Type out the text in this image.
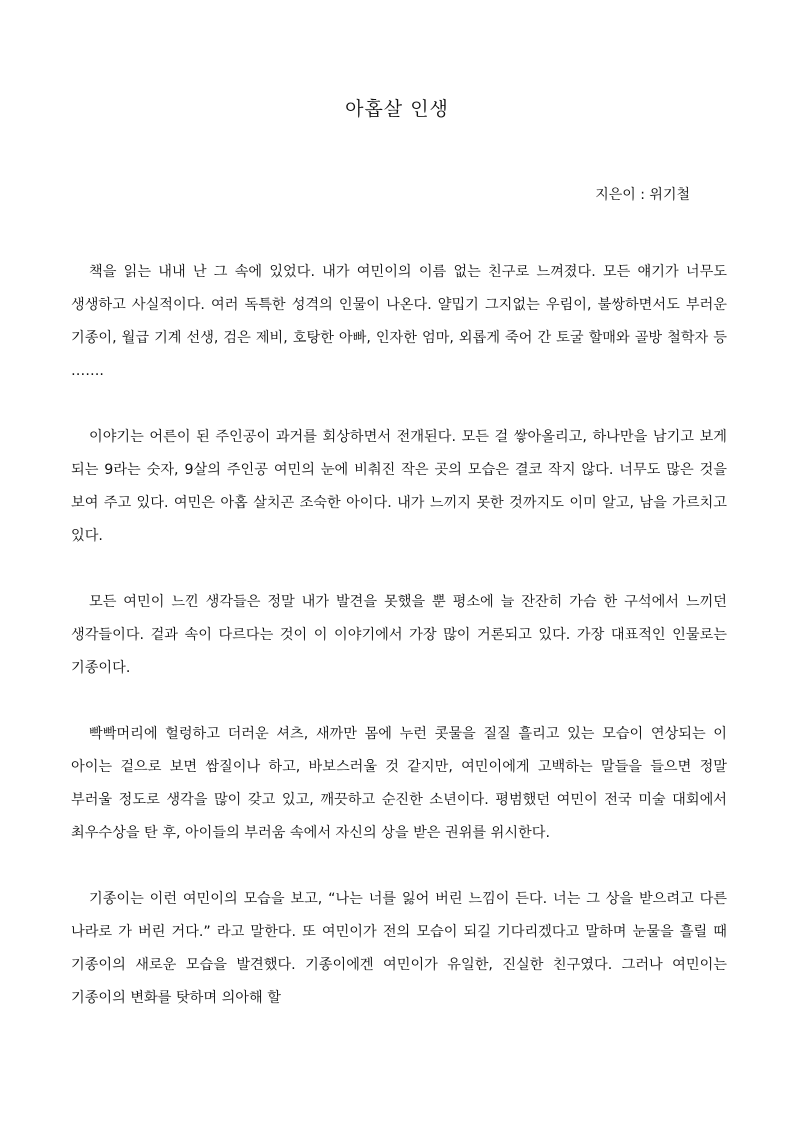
아홉살 인생
지은이 : 위기철

책을 읽는 내내 난 그 속에 있었다. 내가 여민이의 이름 없는 친구로 느껴졌다. 모든 얘기가 너무도 생생하고 사실적이다. 여러 독특한 성격의 인물이 나온다. 얄밉기 그지없는 우림이, 불쌍하면서도 부러운 기종이, 월급 기계 선생, 검은 제비, 호탕한 아빠, 인자한 엄마, 외롭게 죽어 간 토굴 할매와 골방 철학자 등 …….

이야기는 어른이 된 주인공이 과거를 회상하면서 전개된다. 모든 걸 쌓아올리고, 하나만을 남기고 보게 되는 9라는 숫자, 9살의 주인공 여민의 눈에 비춰진 작은 곳의 모습은 결코 작지 않다. 너무도 많은 것을 보여 주고 있다. 여민은 아홉 살치곤 조숙한 아이다. 내가 느끼지 못한 것까지도 이미 알고, 남을 가르치고 있다.

모든 여민이 느낀 생각들은 정말 내가 발견을 못했을 뿐 평소에 늘 잔잔히 가슴 한 구석에서 느끼던 생각들이다. 겉과 속이 다르다는 것이 이 이야기에서 가장 많이 거론되고 있다. 가장 대표적인 인물로는 기종이다.

빡빡머리에 헐렁하고 더러운 셔츠, 새까만 몸에 누런 콧물을 질질 흘리고 있는 모습이 연상되는 이 아이는 겉으로 보면 쌈질이나 하고, 바보스러울 것 같지만, 여민이에게 고백하는 말들을 들으면 정말 부러울 정도로 생각을 많이 갖고 있고, 깨끗하고 순진한 소년이다. 평범했던 여민이 전국 미술 대회에서 최우수상을 탄 후, 아이들의 부러움 속에서 자신의 상을 받은 권위를 위시한다.

기종이는 이런 여민이의 모습을 보고, “나는 너를 잃어 버린 느낌이 든다. 너는 그 상을 받으려고 다른 나라로 가 버린 거다.” 라고 말한다. 또 여민이가 전의 모습이 되길 기다리겠다고 말하며 눈물을 흘릴 때 기종이의 새로운 모습을 발견했다. 기종이에겐 여민이가 유일한, 진실한 친구였다. 그러나 여민이는 기종이의 변화를 탓하며 의아해 할
